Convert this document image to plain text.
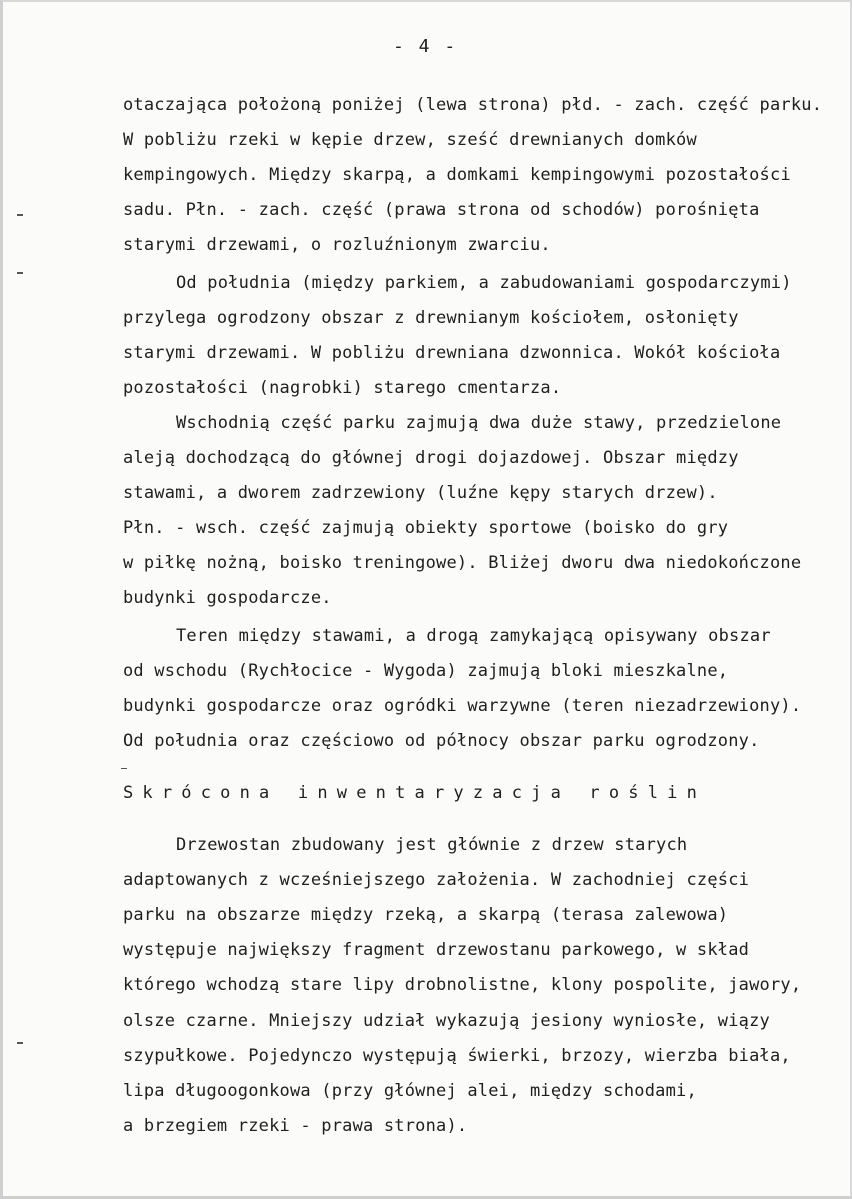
- 4 -
otaczająca położoną poniżej (lewa strona) płd. - zach. część parku.
W pobliżu rzeki w kępie drzew, sześć drewnianych domków
kempingowych. Między skarpą, a domkami kempingowymi pozostałości
sadu. Płn. - zach. część (prawa strona od schodów) porośnięta
starymi drzewami, o rozluźnionym zwarciu.
Od południa (między parkiem, a zabudowaniami gospodarczymi)
przylega ogrodzony obszar z drewnianym kościołem, osłonięty
starymi drzewami. W pobliżu drewniana dzwonnica. Wokół kościoła
pozostałości (nagrobki) starego cmentarza.
Wschodnią część parku zajmują dwa duże stawy, przedzielone
aleją dochodzącą do głównej drogi dojazdowej. Obszar między
stawami, a dworem zadrzewiony (luźne kępy starych drzew).
Płn. - wsch. część zajmują obiekty sportowe (boisko do gry
w piłkę nożną, boisko treningowe). Bliżej dworu dwa niedokończone
budynki gospodarcze.
Teren między stawami, a drogą zamykającą opisywany obszar
od wschodu (Rychłocice - Wygoda) zajmują bloki mieszkalne,
budynki gospodarcze oraz ogródki warzywne (teren niezadrzewiony).
Od południa oraz częściowo od północy obszar parku ogrodzony.
Skrócona inwentaryzacja roślin
Drzewostan zbudowany jest głównie z drzew starych
adaptowanych z wcześniejszego założenia. W zachodniej części
parku na obszarze między rzeką, a skarpą (terasa zalewowa)
występuje największy fragment drzewostanu parkowego, w skład
którego wchodzą stare lipy drobnolistne, klony pospolite, jawory,
olsze czarne. Mniejszy udział wykazują jesiony wyniosłe, wiązy
szypułkowe. Pojedynczo występują świerki, brzozy, wierzba biała,
lipa długoogonkowa (przy głównej alei, między schodami,
a brzegiem rzeki - prawa strona).
